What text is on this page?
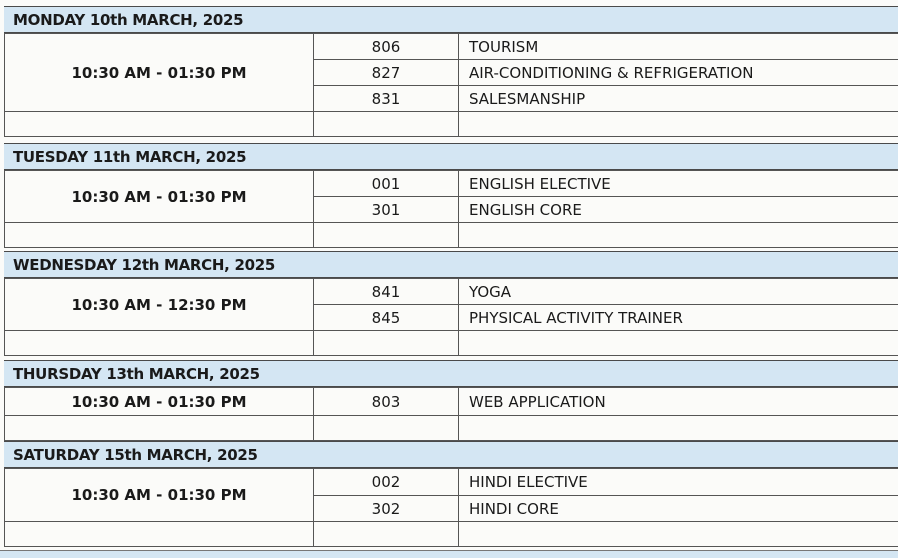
MONDAY 10th MARCH, 2025
10:30 AM - 01:30 PM	806	TOURISM
	827	AIR-CONDITIONING & REFRIGERATION
	831	SALESMANSHIP

TUESDAY 11th MARCH, 2025
10:30 AM - 01:30 PM	001	ENGLISH ELECTIVE
	301	ENGLISH CORE

WEDNESDAY 12th MARCH, 2025
10:30 AM - 12:30 PM	841	YOGA
	845	PHYSICAL ACTIVITY TRAINER

THURSDAY 13th MARCH, 2025
10:30 AM - 01:30 PM	803	WEB APPLICATION

SATURDAY 15th MARCH, 2025
10:30 AM - 01:30 PM	002	HINDI ELECTIVE
	302	HINDI CORE
